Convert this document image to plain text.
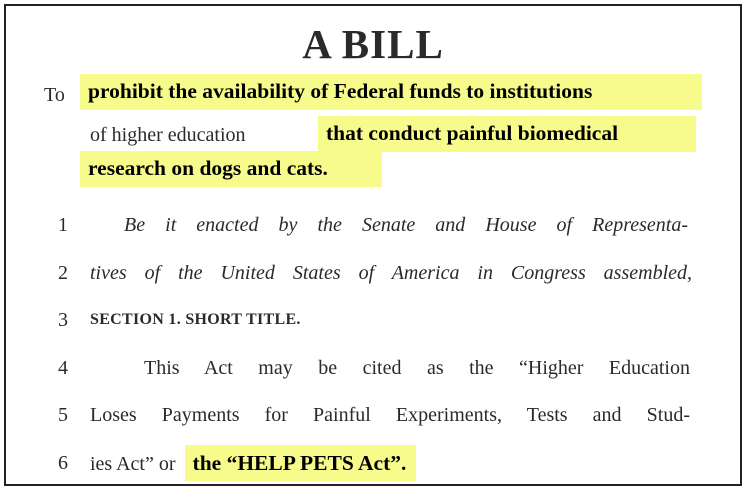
A BILL
To	prohibit the availability of Federal funds to institutions
of higher education	that conduct painful biomedical
research on dogs and cats.
1	Be it enacted by the Senate and House of Representa-
2 tives of the United States of America in Congress assembled,
3 SECTION 1. SHORT TITLE.
4	This Act may be cited as the “Higher Education
5 Loses Payments for Painful Experiments, Tests and Stud-
6 ies Act” or the “HELP PETS Act”.
